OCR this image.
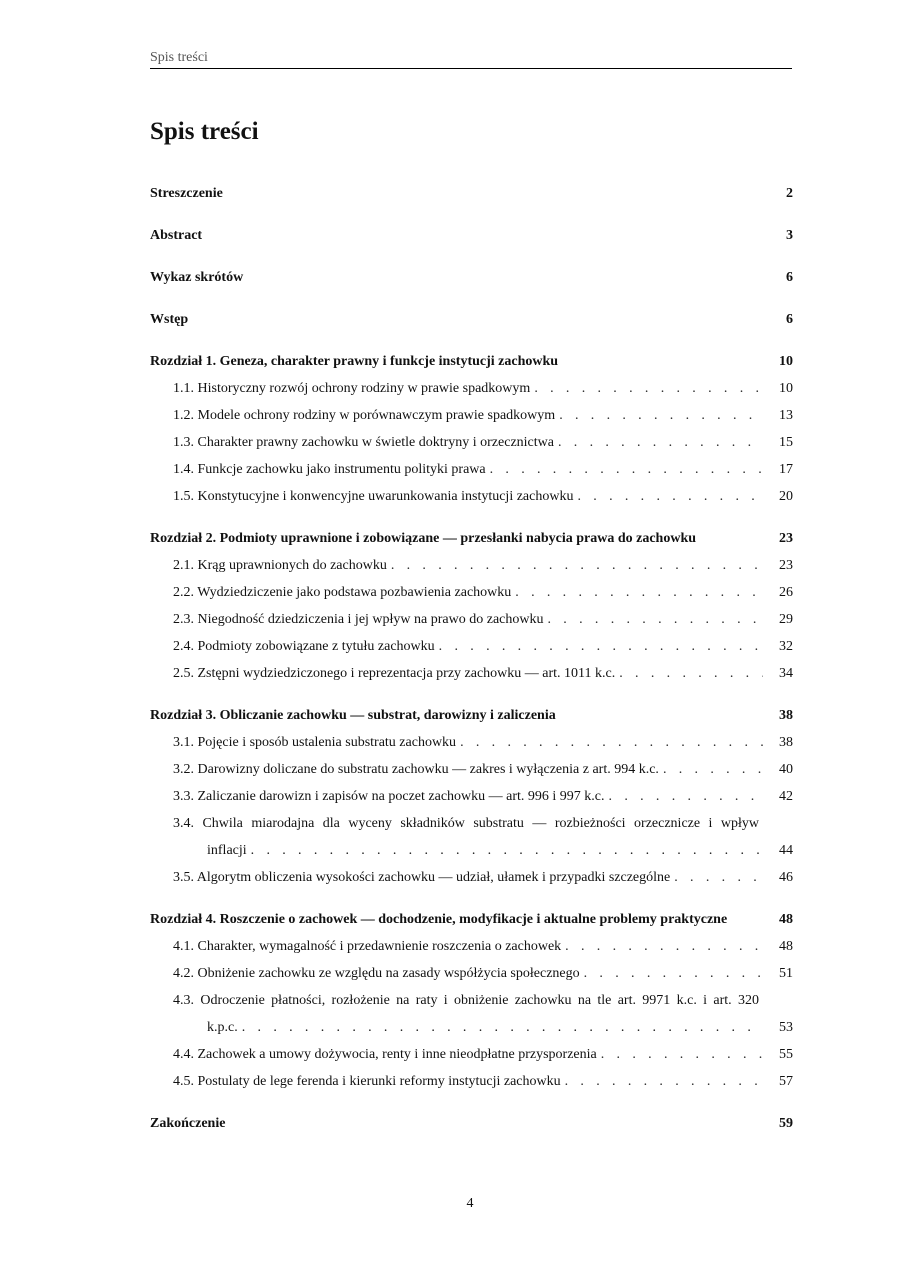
Spis treści
Spis treści
Streszczenie	2
Abstract	3
Wykaz skrótów	6
Wstęp	6
Rozdział 1. Geneza, charakter prawny i funkcje instytucji zachowku	10
1.1. Historyczny rozwój ochrony rodziny w prawie spadkowym . . .	10
1.2. Modele ochrony rodziny w porównawczym prawie spadkowym . . .	13
1.3. Charakter prawny zachowku w świetle doktryny i orzecznictwa . . .	15
1.4. Funkcje zachowku jako instrumentu polityki prawa . . .	17
1.5. Konstytucyjne i konwencyjne uwarunkowania instytucji zachowku . . .	20
Rozdział 2. Podmioty uprawnione i zobowiązane — przesłanki nabycia prawa do zachowku	23
2.1. Krąg uprawnionych do zachowku . . .	23
2.2. Wydziedziczenie jako podstawa pozbawienia zachowku . . .	26
2.3. Niegodność dziedziczenia i jej wpływ na prawo do zachowku . . .	29
2.4. Podmioty zobowiązane z tytułu zachowku . . .	32
2.5. Zstępni wydziedziczonego i reprezentacja przy zachowku — art. 1011 k.c. . . .	34
Rozdział 3. Obliczanie zachowku — substrat, darowizny i zaliczenia	38
3.1. Pojęcie i sposób ustalenia substratu zachowku . . .	38
3.2. Darowizny doliczane do substratu zachowku — zakres i wyłączenia z art. 994 k.c. . . .	40
3.3. Zaliczanie darowizn i zapisów na poczet zachowku — art. 996 i 997 k.c. . . .	42
3.4. Chwila miarodajna dla wyceny składników substratu — rozbieżności orzecznicze i wpływ
inflacji . . .	44
3.5. Algorytm obliczenia wysokości zachowku — udział, ułamek i przypadki szczególne . . .	46
Rozdział 4. Roszczenie o zachowek — dochodzenie, modyfikacje i aktualne problemy praktyczne	48
4.1. Charakter, wymagalność i przedawnienie roszczenia o zachowek . . .	48
4.2. Obniżenie zachowku ze względu na zasady współżycia społecznego . . .	51
4.3. Odroczenie płatności, rozłożenie na raty i obniżenie zachowku na tle art. 9971 k.c. i art. 320
k.p.c. . . .	53
4.4. Zachowek a umowy dożywocia, renty i inne nieodpłatne przysporzenia . . .	55
4.5. Postulaty de lege ferenda i kierunki reformy instytucji zachowku . . .	57
Zakończenie	59
4
